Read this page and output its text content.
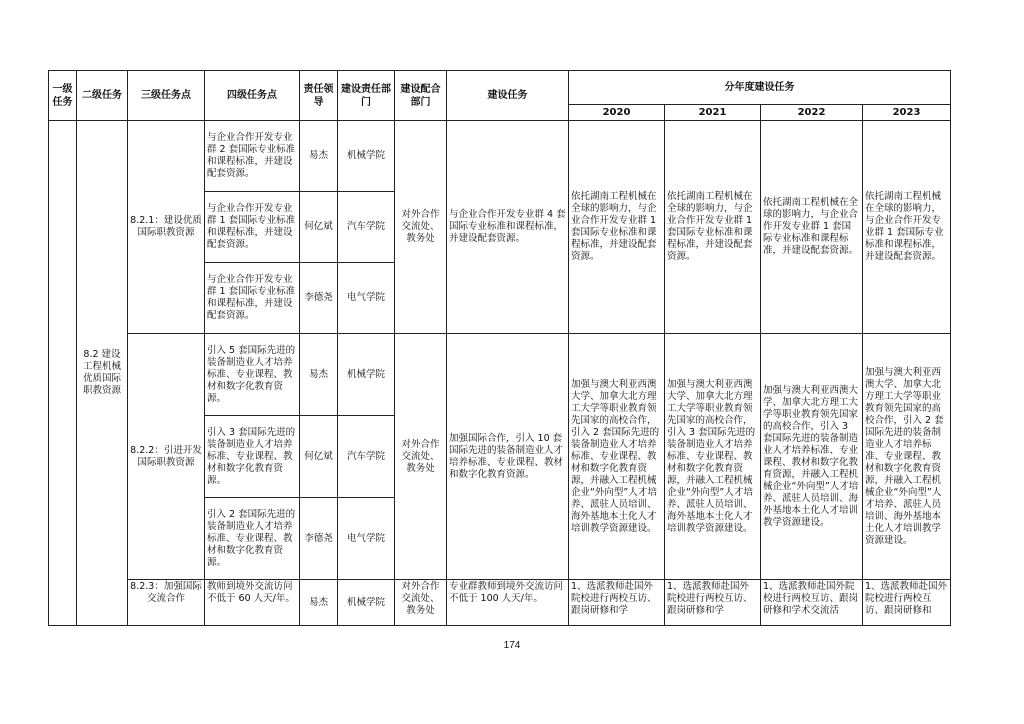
一级任务	二级任务	三级任务点	四级任务点	责任领导	建设责任部门	建设配合部门	建设任务	分年度建设任务			
								2020	2021	2022	2023
	8.2 建设工程机械优质国际职教资源	8.2.1：建设优质国际职教资源	与企业合作开发专业群 2 套国际专业标准和课程标准，并建设配套资源。	易杰	机械学院	对外合作交流处、教务处	与企业合作开发专业群 4 套国际专业标准和课程标准，并建设配套资源。	依托湖南工程机械在全球的影响力，与企业合作开发专业群 1 套国际专业标准和课程标准，并建设配套资源。	依托湖南工程机械在全球的影响力，与企业合作开发专业群 1 套国际专业标准和课程标准，并建设配套资源。	依托湖南工程机械在全球的影响力，与企业合作开发专业群 1 套国际专业标准和课程标准，并建设配套资源。	依托湖南工程机械在全球的影响力，与企业合作开发专业群 1 套国际专业标准和课程标准，并建设配套资源。
			与企业合作开发专业群 1 套国际专业标准和课程标准，并建设配套资源。	何亿斌	汽车学院						
			与企业合作开发专业群 1 套国际专业标准和课程标准，并建设配套资源。	李德尧	电气学院						
		8.2.2：引进开发国际职教资源	引入 5 套国际先进的装备制造业人才培养标准、专业课程、教材和数字化教育资源。	易杰	机械学院	对外合作交流处、教务处	加强国际合作，引入 10 套国际先进的装备制造业人才培养标准、专业课程、教材和数字化教育资源。	加强与澳大利亚西澳大学、加拿大北方理工大学等职业教育领先国家的高校合作，引入 2 套国际先进的装备制造业人才培养标准、专业课程、教材和数字化教育资源，并融入工程机械企业“外向型”人才培养、派驻人员培训、海外基地本土化人才培训教学资源建设。	加强与澳大利亚西澳大学、加拿大北方理工大学等职业教育领先国家的高校合作，引入 3 套国际先进的装备制造业人才培养标准、专业课程、教材和数字化教育资源，并融入工程机械企业“外向型”人才培养、派驻人员培训、海外基地本土化人才培训教学资源建设。	加强与澳大利亚西澳大学、加拿大北方理工大学等职业教育领先国家的高校合作，引入 3 套国际先进的装备制造业人才培养标准、专业课程、教材和数字化教育资源，并融入工程机械企业“外向型”人才培养、派驻人员培训、海外基地本土化人才培训教学资源建设。	加强与澳大利亚西澳大学、加拿大北方理工大学等职业教育领先国家的高校合作，引入 2 套国际先进的装备制造业人才培养标准、专业课程、教材和数字化教育资源，并融入工程机械企业“外向型”人才培养、派驻人员培训、海外基地本土化人才培训教学资源建设。
			引入 3 套国际先进的装备制造业人才培养标准、专业课程、教材和数字化教育资源。	何亿斌	汽车学院						
			引入 2 套国际先进的装备制造业人才培养标准、专业课程、教材和数字化教育资源。	李德尧	电气学院						
		8.2.3：加强国际交流合作	教师到境外交流访问不低于 60 人天/年。	易杰	机械学院	对外合作交流处、教务处	专业群教师到境外交流访问不低于 100 人天/年。	1、选派教师赴国外院校进行两校互访、跟岗研修和学	1、选派教师赴国外院校进行两校互访、跟岗研修和学	1、选派教师赴国外院校进行两校互访、跟岗研修和学术交流活	1、选派教师赴国外院校进行两校互访、跟岗研修和
174
